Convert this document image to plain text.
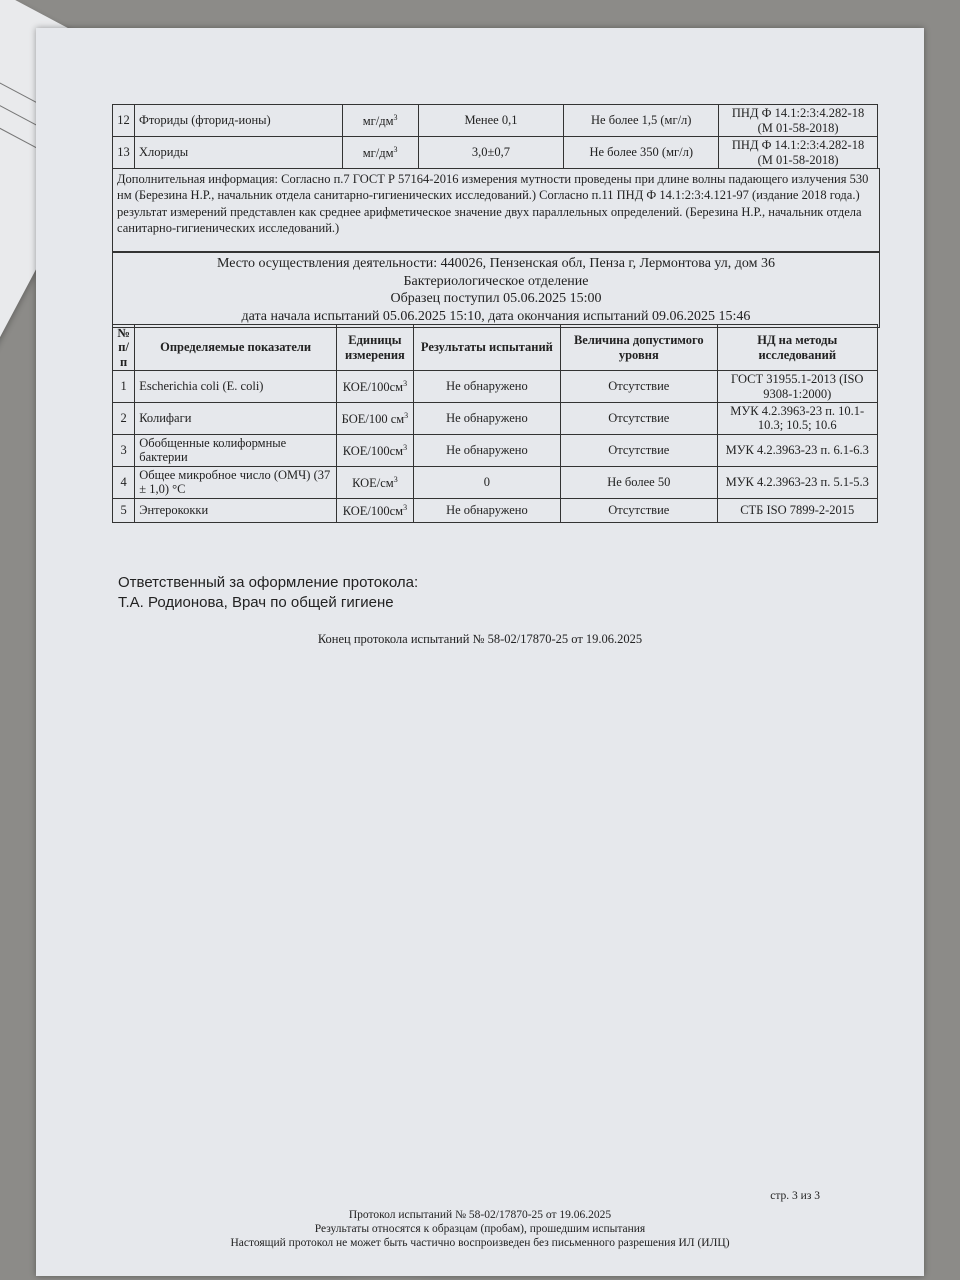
12	Фториды (фторид-ионы)	$мг/дм^3$	Менее 0,1	Не более 1,5 (мг/л)	ПНД Ф 14.1:2:3:4.282-18 (М 01-58-2018)
13	Хлориды	$мг/дм^3$	3,0±0,7	Не более 350 (мг/л)	ПНД Ф 14.1:2:3:4.282-18 (М 01-58-2018)
Дополнительная информация: Согласно п.7 ГОСТ Р 57164-2016 измерения мутности проведены при длине волны падающего излучения 530 нм (Березина Н.Р., начальник отдела санитарно-гигиенических исследований.) Согласно п.11 ПНД Ф 14.1:2:3:4.121-97 (издание 2018 года.) результат измерений представлен как среднее арифметическое значение двух параллельных определений. (Березина Н.Р., начальник отдела санитарно-гигиенических исследований.)
Место осуществления деятельности: 440026, Пензенская обл, Пенза г, Лермонтова ул, дом 36
Бактериологическое отделение
Образец поступил 05.06.2025 15:00
дата начала испытаний 05.06.2025 15:10, дата окончания испытаний 09.06.2025 15:46
№ п/п	Определяемые показатели	Единицы измерения	Результаты испытаний	Величина допустимого уровня	НД на методы исследований
1	Escherichia coli (E. coli)	КОЕ/$100см^3$	Не обнаружено	Отсутствие	ГОСТ 31955.1-2013 (ISO 9308-1:2000)
2	Колифаги	БОЕ/100 $см^3$	Не обнаружено	Отсутствие	МУК 4.2.3963-23 п. 10.1-10.3; 10.5; 10.6
3	Обобщенные колиформные бактерии	КОЕ/$100см^3$	Не обнаружено	Отсутствие	МУК 4.2.3963-23 п. 6.1-6.3
4	Общее микробное число (ОМЧ) (37 ± 1,0) °C	КОЕ/$см^3$	0	Не более 50	МУК 4.2.3963-23 п. 5.1-5.3
5	Энтерококки	КОЕ/$100см^3$	Не обнаружено	Отсутствие	СТБ ISO 7899-2-2015
Ответственный за оформление протокола:
Т.А. Родионова, Врач по общей гигиене
Конец протокола испытаний № 58-02/17870-25 от 19.06.2025
стр. 3 из 3
Протокол испытаний № 58-02/17870-25 от 19.06.2025
Результаты относятся к образцам (пробам), прошедшим испытания
Настоящий протокол не может быть частично воспроизведен без письменного разрешения ИЛ (ИЛЦ)
